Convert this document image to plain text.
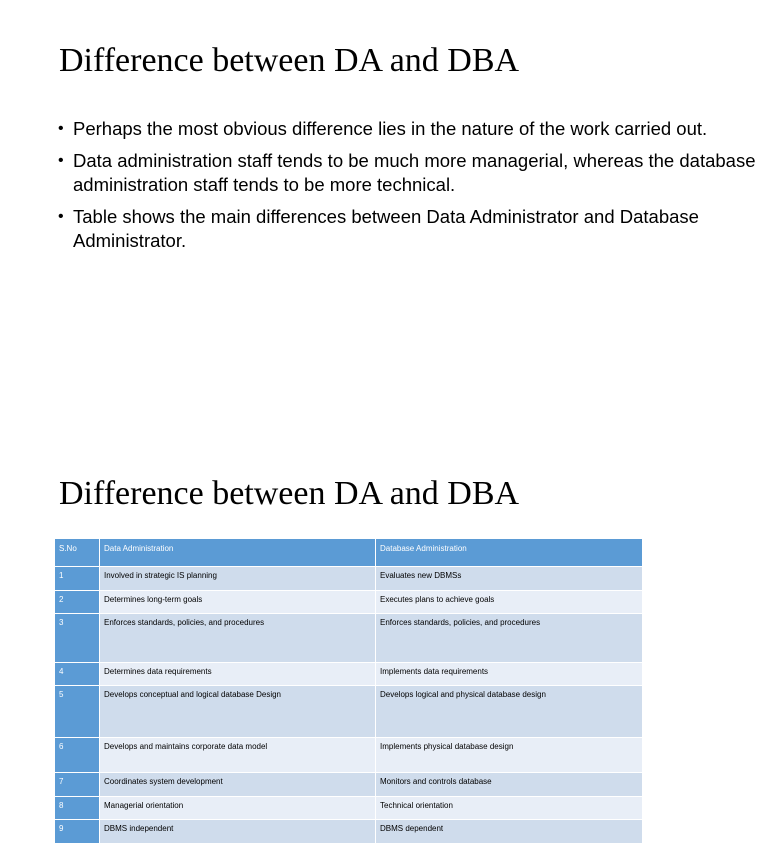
Difference between DA and DBA
• Perhaps the most obvious difference lies in the nature of the work carried out.
• Data administration staff tends to be much more managerial, whereas the database administration staff tends to be more technical.
• Table shows the main differences between Data Administrator and Database Administrator.
Difference between DA and DBA
S.No	Data Administration	Database Administration
1	Involved in strategic IS planning	Evaluates new DBMSs
2	Determines long-term goals	Executes plans to achieve goals
3	Enforces standards, policies, and procedures	Enforces standards, policies, and procedures
4	Determines data requirements	Implements data requirements
5	Develops conceptual and logical database Design	Develops logical and physical database design
6	Develops and maintains corporate data model	Implements physical database design
7	Coordinates system development	Monitors and controls database
8	Managerial orientation	Technical orientation
9	DBMS independent	DBMS dependent
